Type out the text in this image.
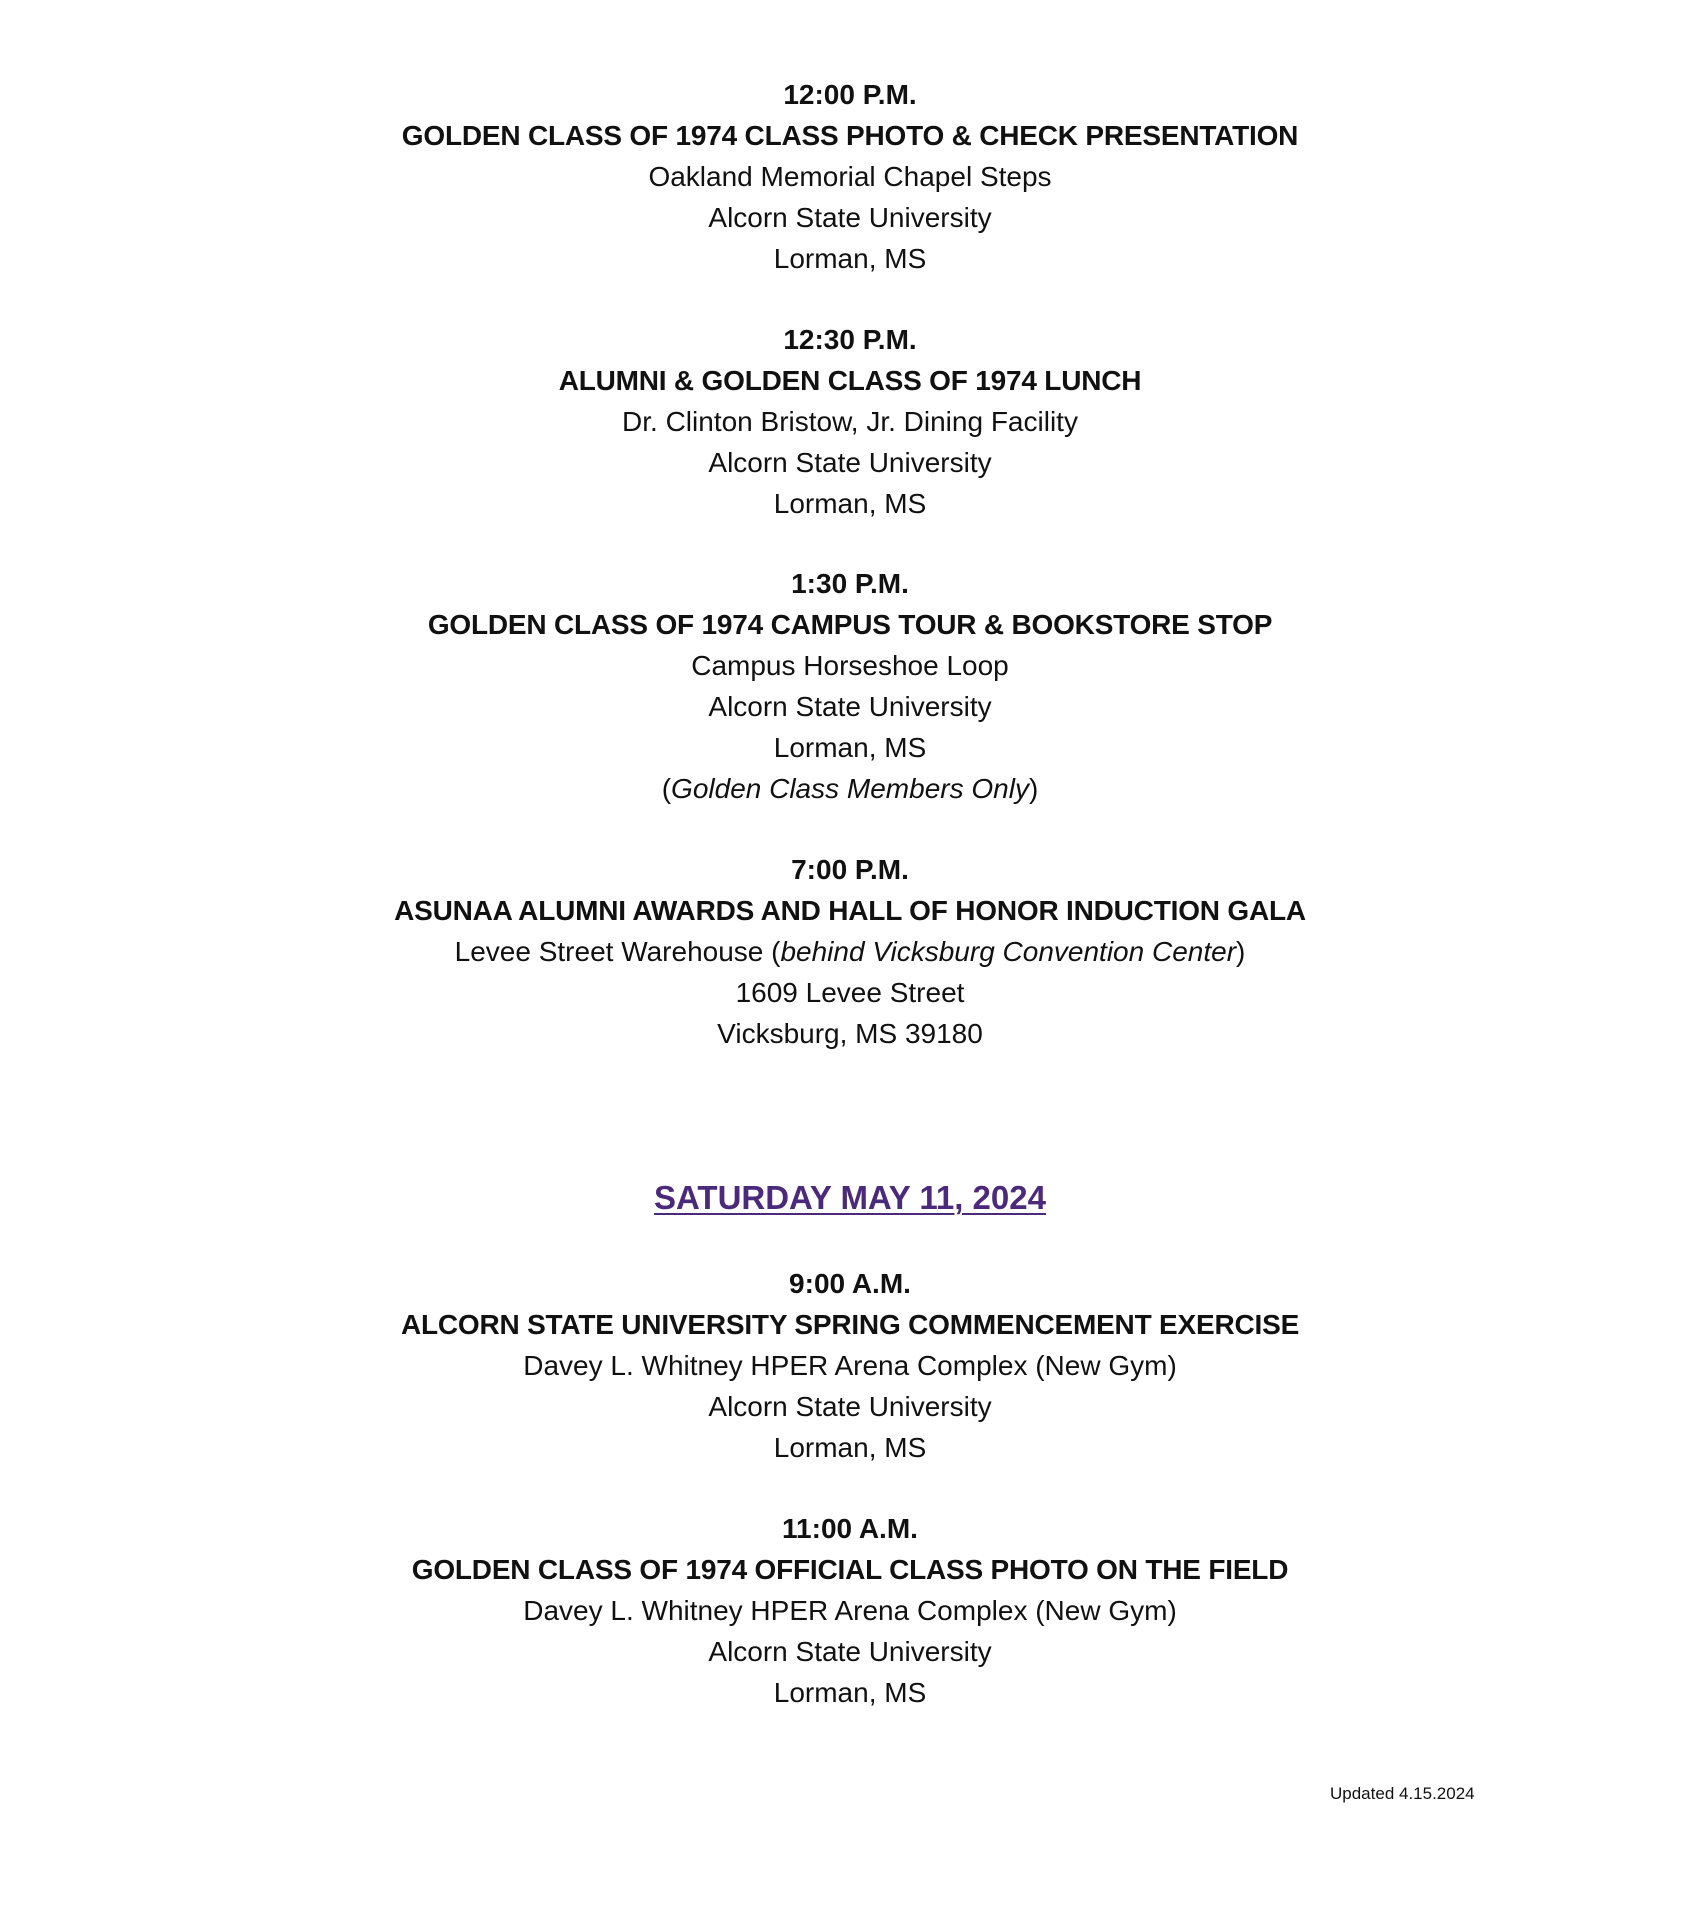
12:00 P.M.
GOLDEN CLASS OF 1974 CLASS PHOTO & CHECK PRESENTATION
Oakland Memorial Chapel Steps
Alcorn State University
Lorman, MS
12:30 P.M.
ALUMNI & GOLDEN CLASS OF 1974 LUNCH
Dr. Clinton Bristow, Jr. Dining Facility
Alcorn State University
Lorman, MS
1:30 P.M.
GOLDEN CLASS OF 1974 CAMPUS TOUR & BOOKSTORE STOP
Campus Horseshoe Loop
Alcorn State University
Lorman, MS
(Golden Class Members Only)
7:00 P.M.
ASUNAA ALUMNI AWARDS AND HALL OF HONOR INDUCTION GALA
Levee Street Warehouse (behind Vicksburg Convention Center)
1609 Levee Street
Vicksburg, MS 39180
SATURDAY MAY 11, 2024
9:00 A.M.
ALCORN STATE UNIVERSITY SPRING COMMENCEMENT EXERCISE
Davey L. Whitney HPER Arena Complex (New Gym)
Alcorn State University
Lorman, MS
11:00 A.M.
GOLDEN CLASS OF 1974 OFFICIAL CLASS PHOTO ON THE FIELD
Davey L. Whitney HPER Arena Complex (New Gym)
Alcorn State University
Lorman, MS
Updated 4.15.2024
